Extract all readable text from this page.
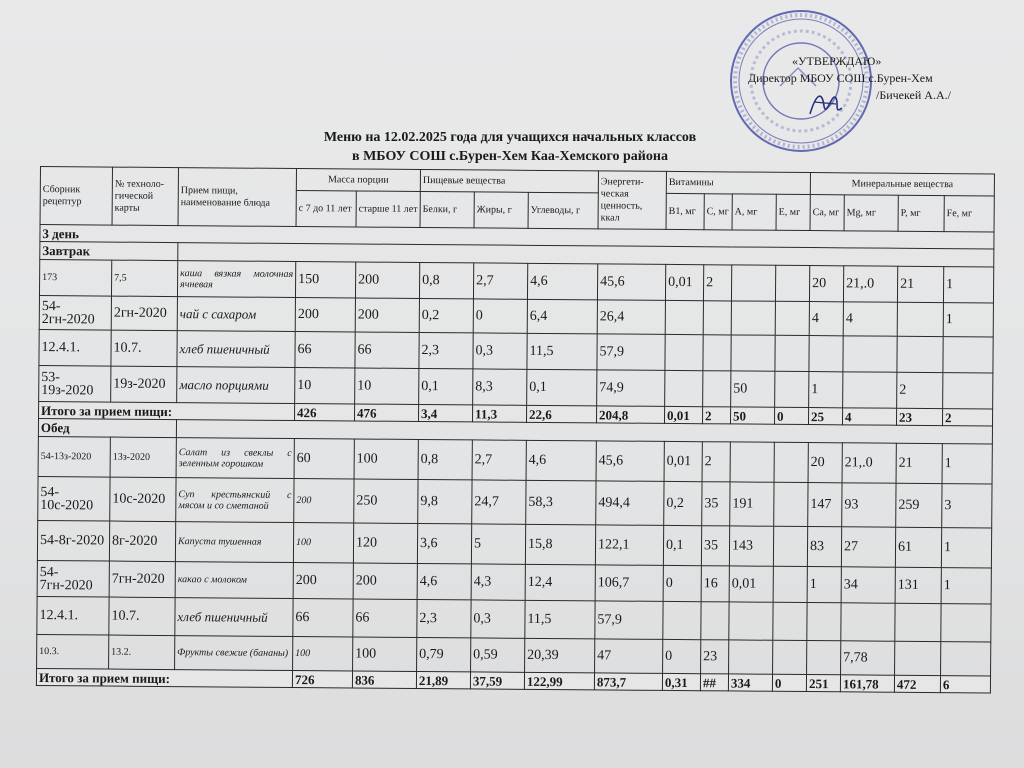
«УТВЕРЖДАЮ»
Директор МБОУ СОШ с.Бурен-Хем
/Бичекей А.А./
Меню на 12.02.2025 года для учащихся начальных классов
в МБОУ СОШ с.Бурен-Хем Каа-Хемского района
Сборник рецептур	№ техноло-гической карты	Прием пищи, наименование блюда	Масса порции		Пищевые вещества			Энергети-ческая ценность, ккал	Витамины				Минеральные вещества			
			с 7 до 11 лет	старше 11 лет	Белки, г	Жиры, г	Углеводы, г		B1, мг	C, мг	А, мг	Е, мг	Ca, мг	Mg, мг	P, мг	Fe, мг
3 день																
Завтрак																
173	7,5	каша вязкая молочная ячневая	150	200	0,8	2,7	4,6	45,6	0,01	2			20	21,.0	21	1
54-2гн-2020	2гн-2020	чай с сахаром	200	200	0,2	0	6,4	26,4					4	4		1
12.4.1.	10.7.	хлеб пшеничный	66	66	2,3	0,3	11,5	57,9								
53-19з-2020	19з-2020	масло порциями	10	10	0,1	8,3	0,1	74,9			50		1		2	
Итого за прием пищи:			426	476	3,4	11,3	22,6	204,8	0,01	2	50	0	25	4	23	2
Обед																
54-13з-2020	13з-2020	Салат из свеклы с зеленным горошком	60	100	0,8	2,7	4,6	45,6	0,01	2			20	21,.0	21	1
54-10с-2020	10с-2020	Суп крестьянский с мясом и со сметаной	200	250	9,8	24,7	58,3	494,4	0,2	35	191		147	93	259	3
54-8г-2020	8г-2020	Капуста тушенная	100	120	3,6	5	15,8	122,1	0,1	35	143		83	27	61	1
54-7гн-2020	7гн-2020	какао с молоком	200	200	4,6	4,3	12,4	106,7	0	16	0,01		1	34	131	1
12.4.1.	10.7.	хлеб пшеничный	66	66	2,3	0,3	11,5	57,9								
10.3.	13.2.	Фрукты свежие (бананы)	100	100	0,79	0,59	20,39	47	0	23				7,78		
Итого за прием пищи:			726	836	21,89	37,59	122,99	873,7	0,31	##	334	0	251	161,78	472	6
